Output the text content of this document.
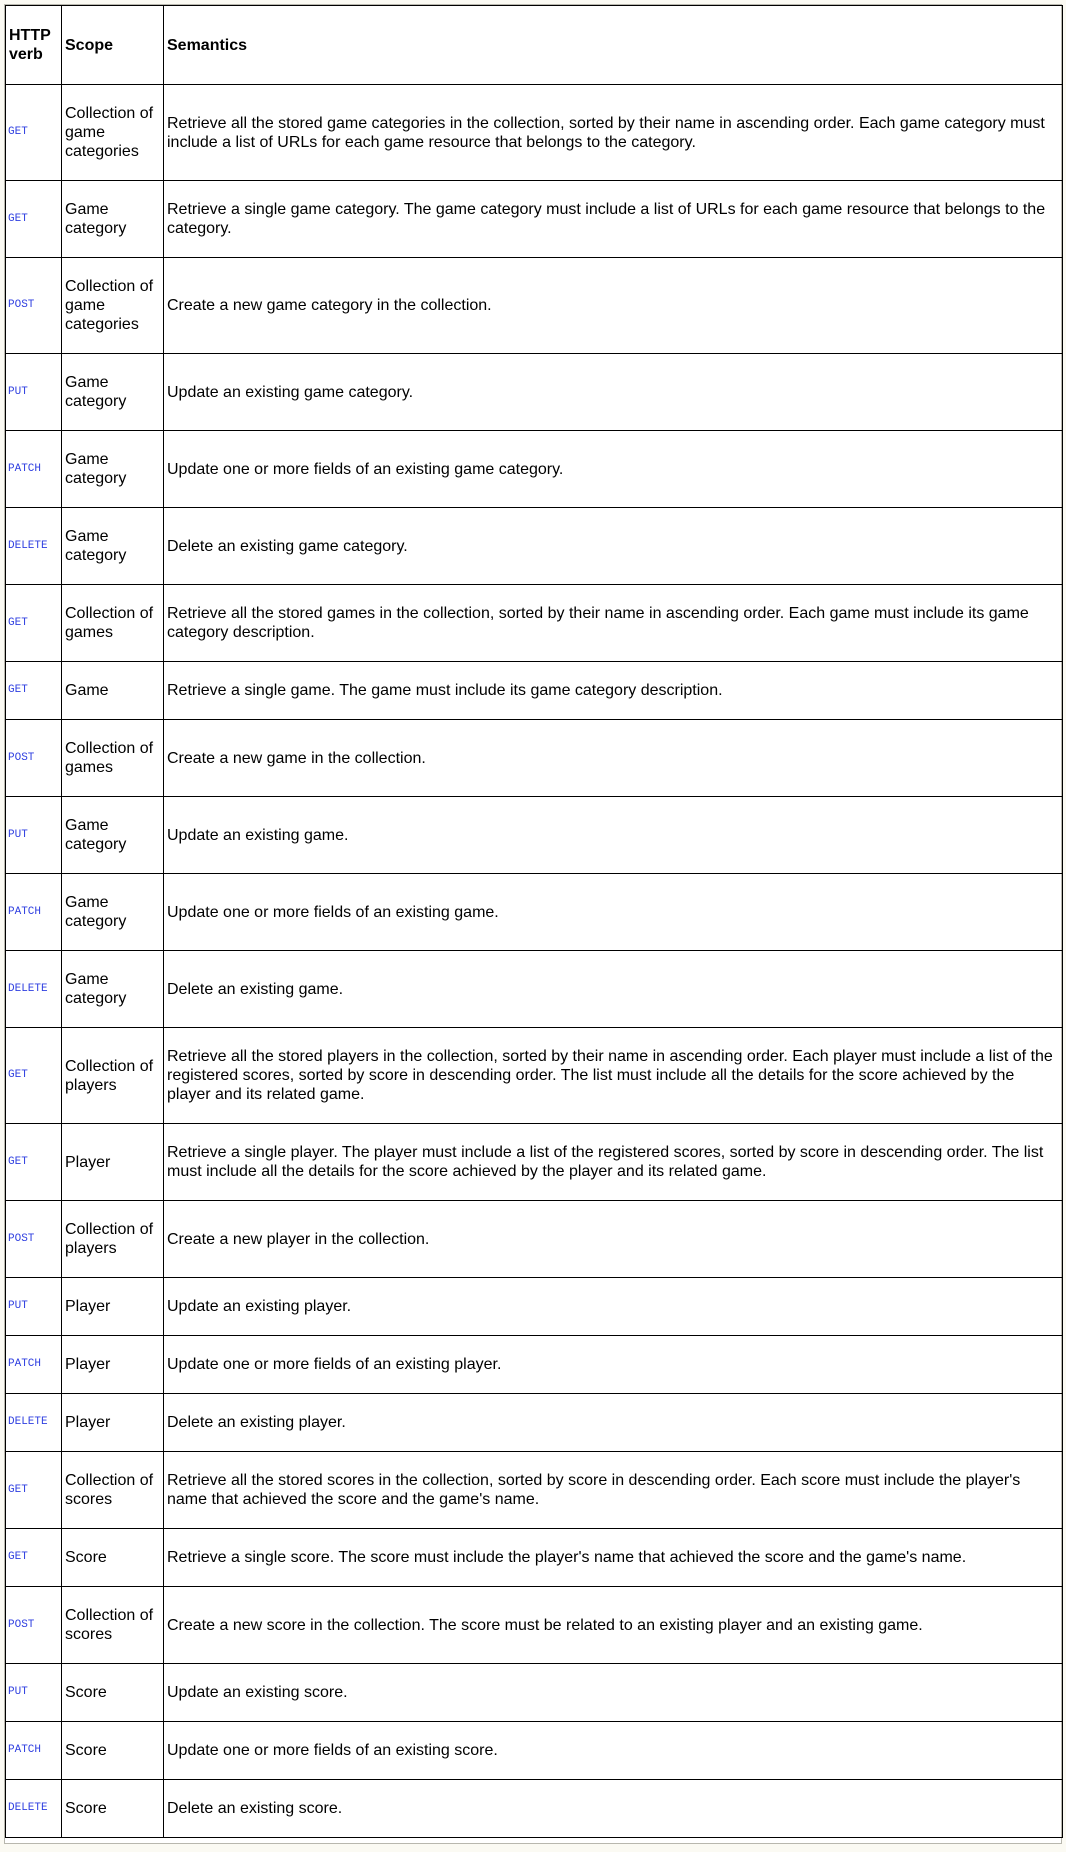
HTTP verb	Scope	Semantics
GET	Collection of game categories	Retrieve all the stored game categories in the collection, sorted by their name in ascending order. Each game category must include a list of URLs for each game resource that belongs to the category.
GET	Game category	Retrieve a single game category. The game category must include a list of URLs for each game resource that belongs to the category.
POST	Collection of game categories	Create a new game category in the collection.
PUT	Game category	Update an existing game category.
PATCH	Game category	Update one or more fields of an existing game category.
DELETE	Game category	Delete an existing game category.
GET	Collection of games	Retrieve all the stored games in the collection, sorted by their name in ascending order. Each game must include its game category description.
GET	Game	Retrieve a single game. The game must include its game category description.
POST	Collection of games	Create a new game in the collection.
PUT	Game category	Update an existing game.
PATCH	Game category	Update one or more fields of an existing game.
DELETE	Game category	Delete an existing game.
GET	Collection of players	Retrieve all the stored players in the collection, sorted by their name in ascending order. Each player must include a list of the registered scores, sorted by score in descending order. The list must include all the details for the score achieved by the player and its related game.
GET	Player	Retrieve a single player. The player must include a list of the registered scores, sorted by score in descending order. The list must include all the details for the score achieved by the player and its related game.
POST	Collection of players	Create a new player in the collection.
PUT	Player	Update an existing player.
PATCH	Player	Update one or more fields of an existing player.
DELETE	Player	Delete an existing player.
GET	Collection of scores	Retrieve all the stored scores in the collection, sorted by score in descending order. Each score must include the player's name that achieved the score and the game's name.
GET	Score	Retrieve a single score. The score must include the player's name that achieved the score and the game's name.
POST	Collection of scores	Create a new score in the collection. The score must be related to an existing player and an existing game.
PUT	Score	Update an existing score.
PATCH	Score	Update one or more fields of an existing score.
DELETE	Score	Delete an existing score.
